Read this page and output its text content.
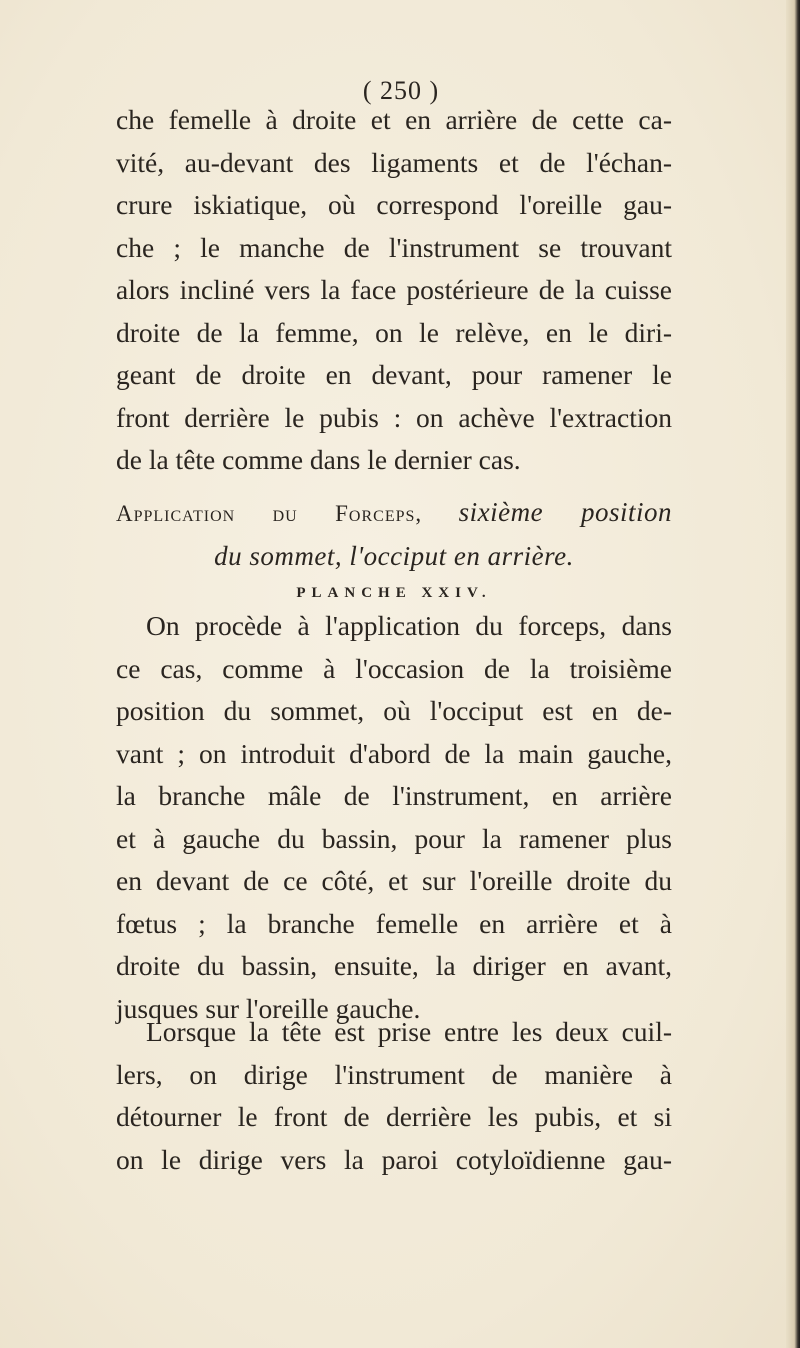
( 250 )
che femelle à droite et en arrière de cette ca-
vité, au-devant des ligaments et de l'échan-
crure iskiatique, où correspond l'oreille gau-
che ; le manche de l'instrument se trouvant
alors incliné vers la face postérieure de la cuisse
droite de la femme, on le relève, en le diri-
geant de droite en devant, pour ramener le
front derrière le pubis : on achève l'extraction
de la tête comme dans le dernier cas.
Application du Forceps, sixième position
du sommet, l'occiput en arrière.
PLANCHE XXIV.
On procède à l'application du forceps, dans
ce cas, comme à l'occasion de la troisième
position du sommet, où l'occiput est en de-
vant ; on introduit d'abord de la main gauche,
la branche mâle de l'instrument, en arrière
et à gauche du bassin, pour la ramener plus
en devant de ce côté, et sur l'oreille droite du
fœtus ; la branche femelle en arrière et à
droite du bassin, ensuite, la diriger en avant,
jusques sur l'oreille gauche.
Lorsque la tête est prise entre les deux cuil-
lers, on dirige l'instrument de manière à
détourner le front de derrière les pubis, et si
on le dirige vers la paroi cotyloïdienne gau-
